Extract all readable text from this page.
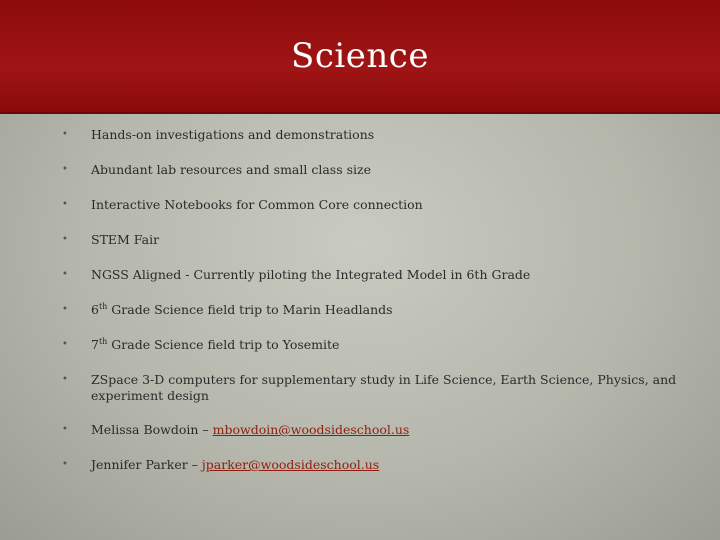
Science
• Hands-on investigations and demonstrations
• Abundant lab resources and small class size
• Interactive Notebooks for Common Core connection
• STEM Fair
• NGSS Aligned - Currently piloting the Integrated Model in 6th Grade
• 6th Grade Science field trip to Marin Headlands
• 7th Grade Science field trip to Yosemite
• ZSpace 3-D computers for supplementary study in Life Science, Earth Science, Physics, and experiment design
• Melissa Bowdoin – mbowdoin@woodsideschool.us
• Jennifer Parker – jparker@woodsideschool.us
